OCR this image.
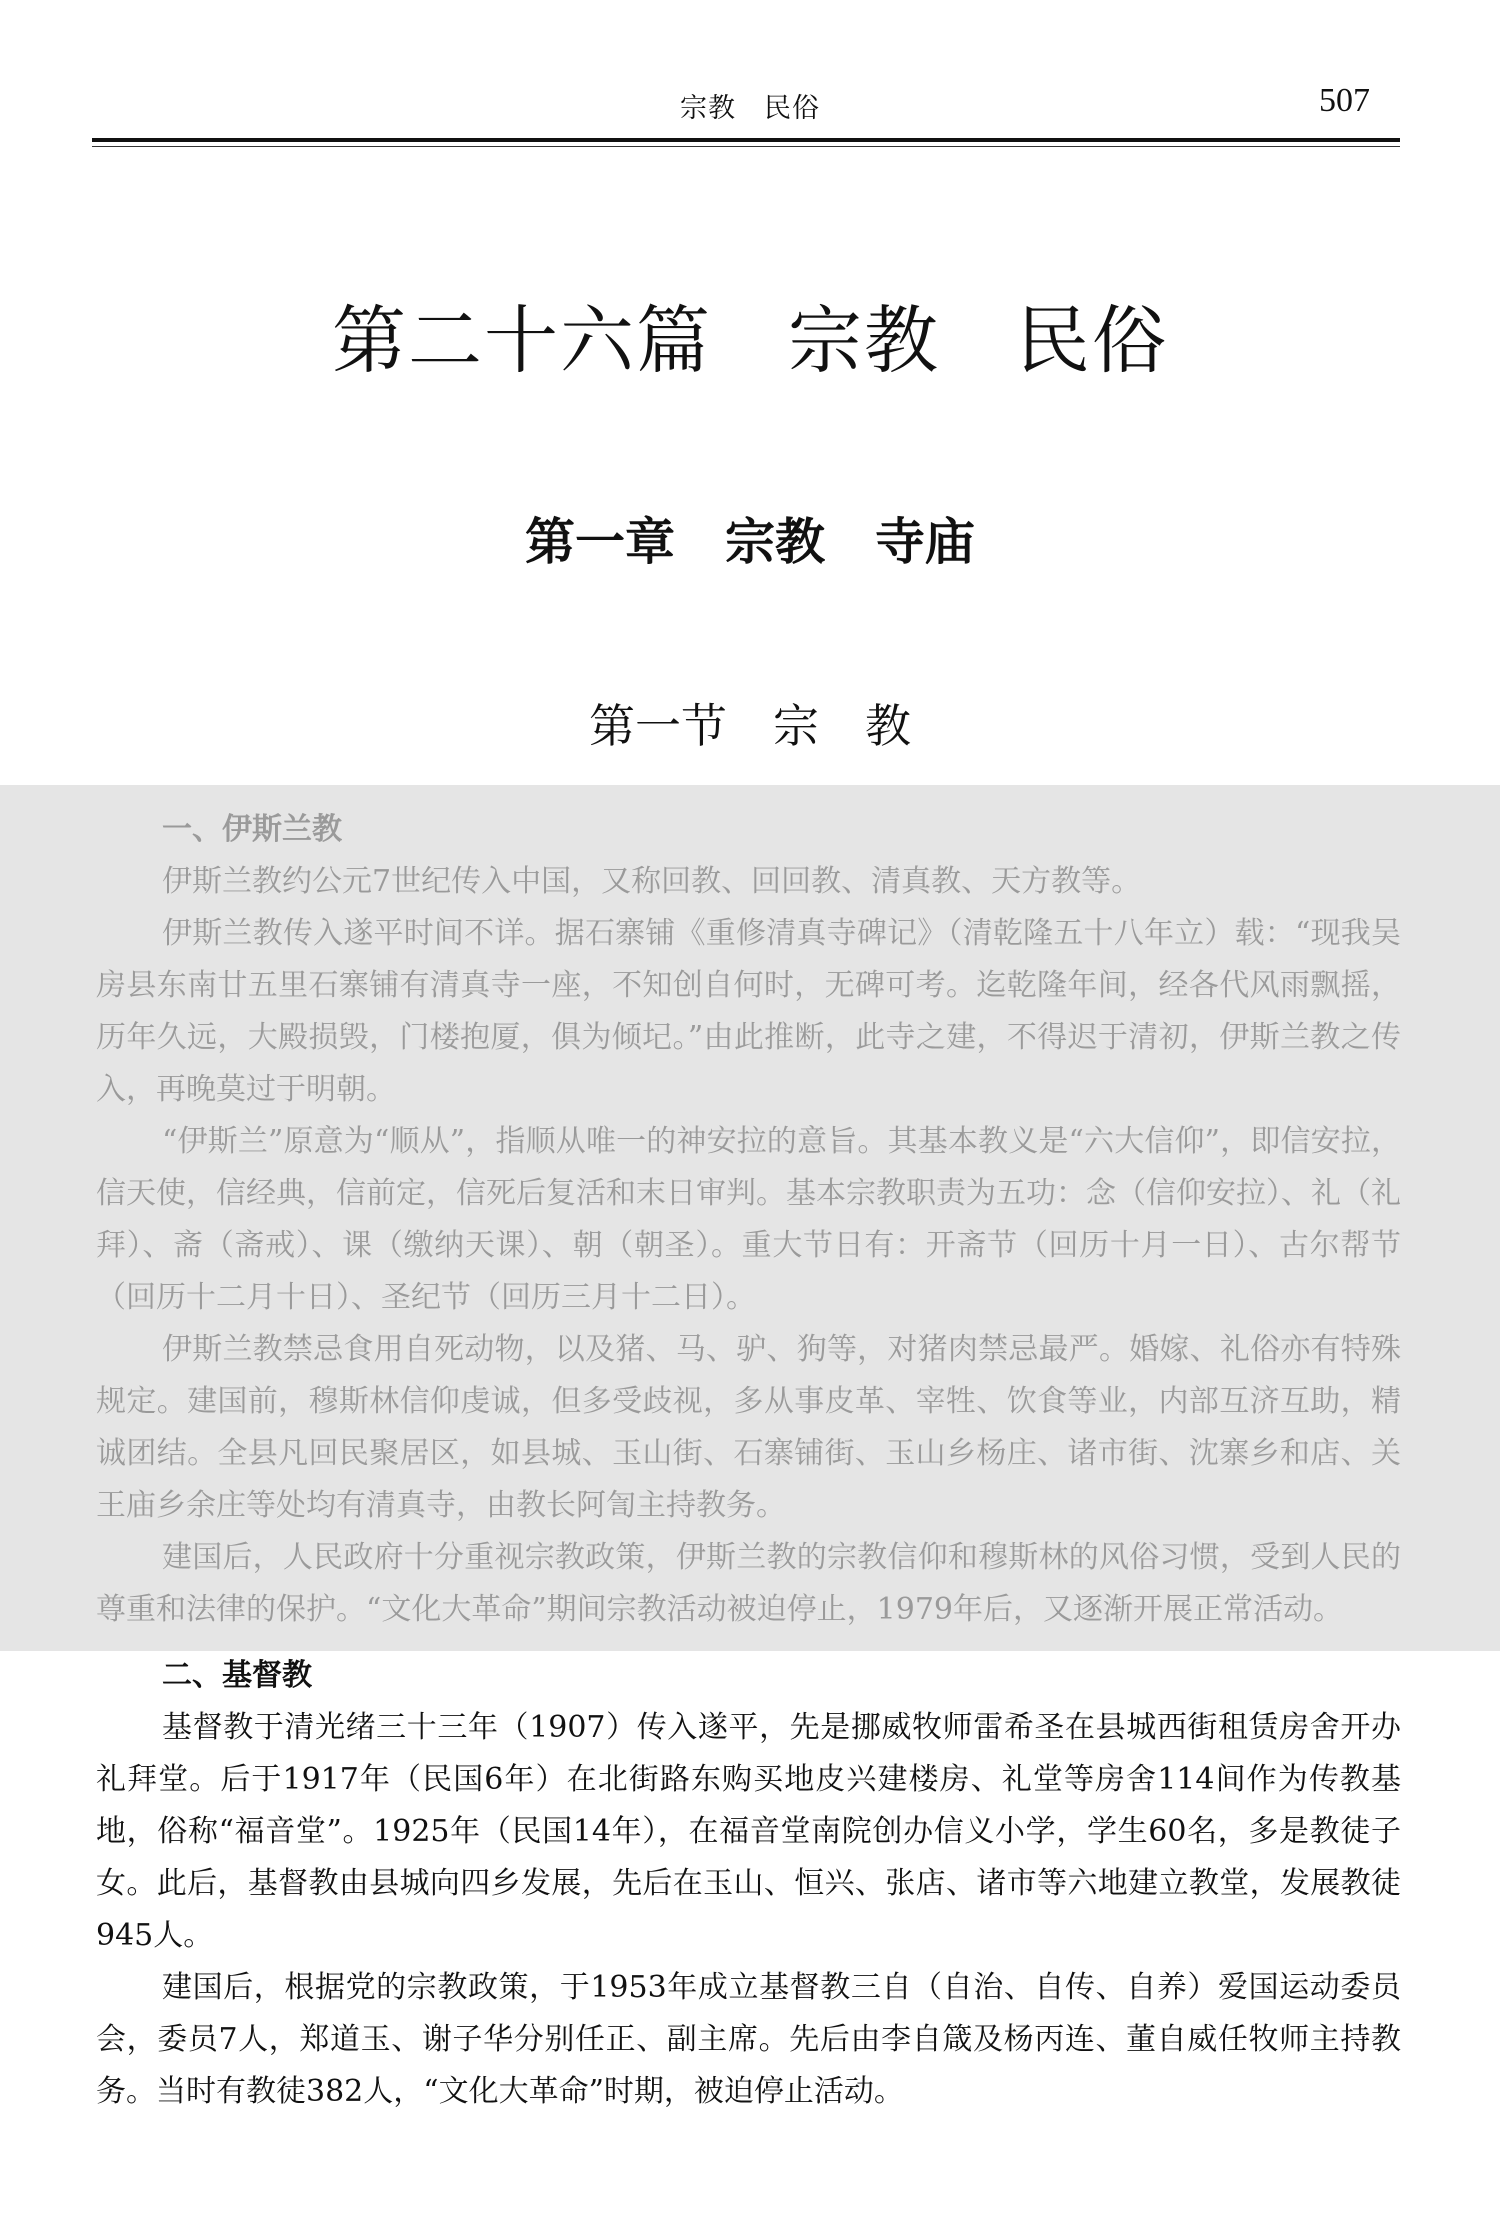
宗教　民俗	507
第二十六篇　宗教　民俗
第一章　宗教　寺庙
第一节　宗　教

一、伊斯兰教

伊斯兰教约公元7世纪传入中国，又称回教、回回教、清真教、天方教等。

伊斯兰教传入遂平时间不详。据石寨铺《重修清真寺碑记》（清乾隆五十八年立）载：“现我吴房县东南廿五里石寨铺有清真寺一座，不知创自何时，无碑可考。迄乾隆年间，经各代风雨飘摇，历年久远，大殿损毁，门楼抱厦，俱为倾圮。”由此推断，此寺之建，不得迟于清初，伊斯兰教之传入，再晚莫过于明朝。

“伊斯兰”原意为“顺从”，指顺从唯一的神安拉的意旨。其基本教义是“六大信仰”，即信安拉，信天使，信经典，信前定，信死后复活和末日审判。基本宗教职责为五功：念（信仰安拉）、礼（礼拜）、斋（斋戒）、课（缴纳天课）、朝（朝圣）。重大节日有：开斋节（回历十月一日）、古尔帮节（回历十二月十日）、圣纪节（回历三月十二日）。

伊斯兰教禁忌食用自死动物，以及猪、马、驴、狗等，对猪肉禁忌最严。婚嫁、礼俗亦有特殊规定。建国前，穆斯林信仰虔诚，但多受歧视，多从事皮革、宰牲、饮食等业，内部互济互助，精诚团结。全县凡回民聚居区，如县城、玉山街、石寨铺街、玉山乡杨庄、诸市街、沈寨乡和店、关王庙乡余庄等处均有清真寺，由教长阿訇主持教务。

建国后，人民政府十分重视宗教政策，伊斯兰教的宗教信仰和穆斯林的风俗习惯，受到人民的尊重和法律的保护。“文化大革命”期间宗教活动被迫停止，1979年后，又逐渐开展正常活动。

二、基督教

基督教于清光绪三十三年（1907）传入遂平，先是挪威牧师雷希圣在县城西街租赁房舍开办礼拜堂。后于1917年（民国6年）在北街路东购买地皮兴建楼房、礼堂等房舍114间作为传教基地，俗称“福音堂”。1925年（民国14年），在福音堂南院创办信义小学，学生60名，多是教徒子女。此后，基督教由县城向四乡发展，先后在玉山、恒兴、张店、诸市等六地建立教堂，发展教徒945人。

建国后，根据党的宗教政策，于1953年成立基督教三自（自治、自传、自养）爱国运动委员会，委员7人，郑道玉、谢子华分别任正、副主席。先后由李自箴及杨丙连、董自威任牧师主持教务。当时有教徒382人，“文化大革命”时期，被迫停止活动。
